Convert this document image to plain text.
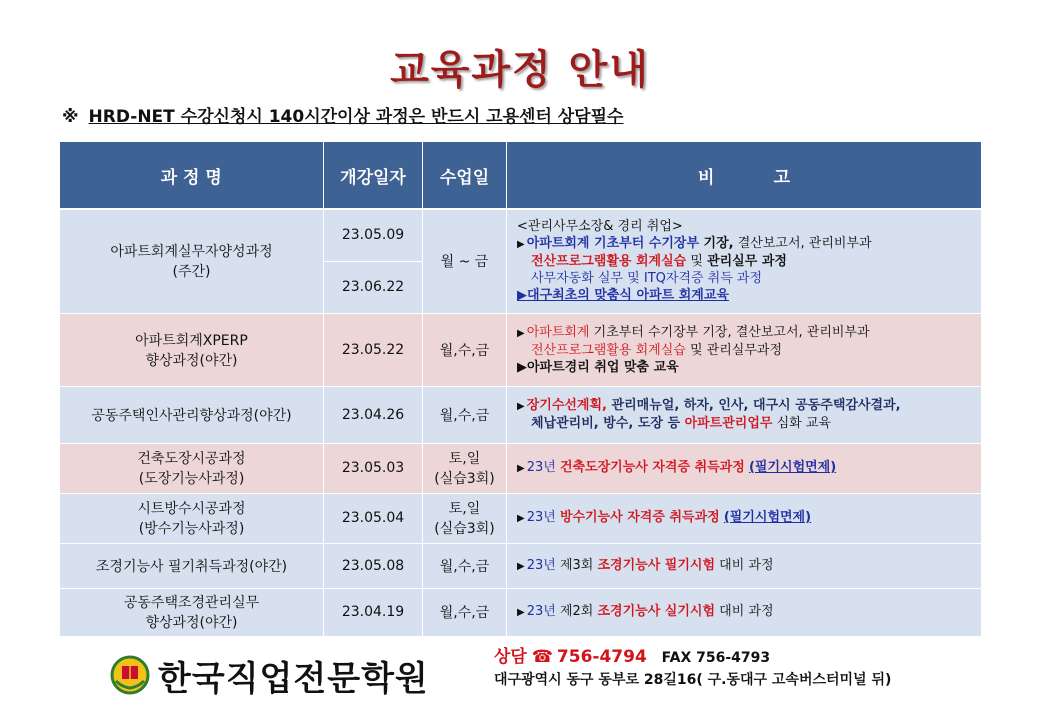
교육과정 안내
※ HRD-NET 수강신청시 140시간이상 과정은 반드시 고용센터 상담필수
과 정 명	개강일자	수업일	비          고

아파트회계실무자양성과정
(주간)	23.05.09	월 ~ 금	<관리사무소장& 경리 취업>
▶ 아파트회계 기초부터 수기장부 기장, 결산보고서, 관리비부과
전산프로그램활용 회계실습 및 관리실무 과정
사무자동화 실무 및 ITQ자격증 취득 과정
▶대구최초의 맞춤식 아파트 회계교육

	23.06.22		

아파트회계XPERP
향상과정(야간)	23.05.22	월,수,금	▶ 아파트회계 기초부터 수기장부 기장, 결산보고서, 관리비부과
전산프로그램활용 회계실습 및 관리실무과정
▶아파트경리 취업 맞춤 교육

공동주택인사관리향상과정(야간)	23.04.26	월,수,금	▶ 장기수선계획, 관리매뉴얼, 하자, 인사, 대구시 공동주택감사결과,
체납관리비, 방수, 도장 등 아파트관리업무 심화 교육

건축도장시공과정
(도장기능사과정)	23.05.03	토,일
(실습3회)	▶ 23년 건축도장기능사 자격증 취득과정 (필기시험면제)

시트방수시공과정
(방수기능사과정)	23.05.04	토,일
(실습3회)	▶ 23년 방수기능사 자격증 취득과정 (필기시험면제)

조경기능사 필기취득과정(야간)	23.05.08	월,수,금	▶ 23년 제3회 조경기능사 필기시험 대비 과정

공동주택조경관리실무
향상과정(야간)	23.04.19	월,수,금	▶ 23년 제2회 조경기능사 실기시험 대비 과정
한국직업전문학원
상담 ☎ 756-4794 FAX 756-4793
대구광역시 동구 동부로 28길16( 구.동대구 고속버스터미널 뒤)
